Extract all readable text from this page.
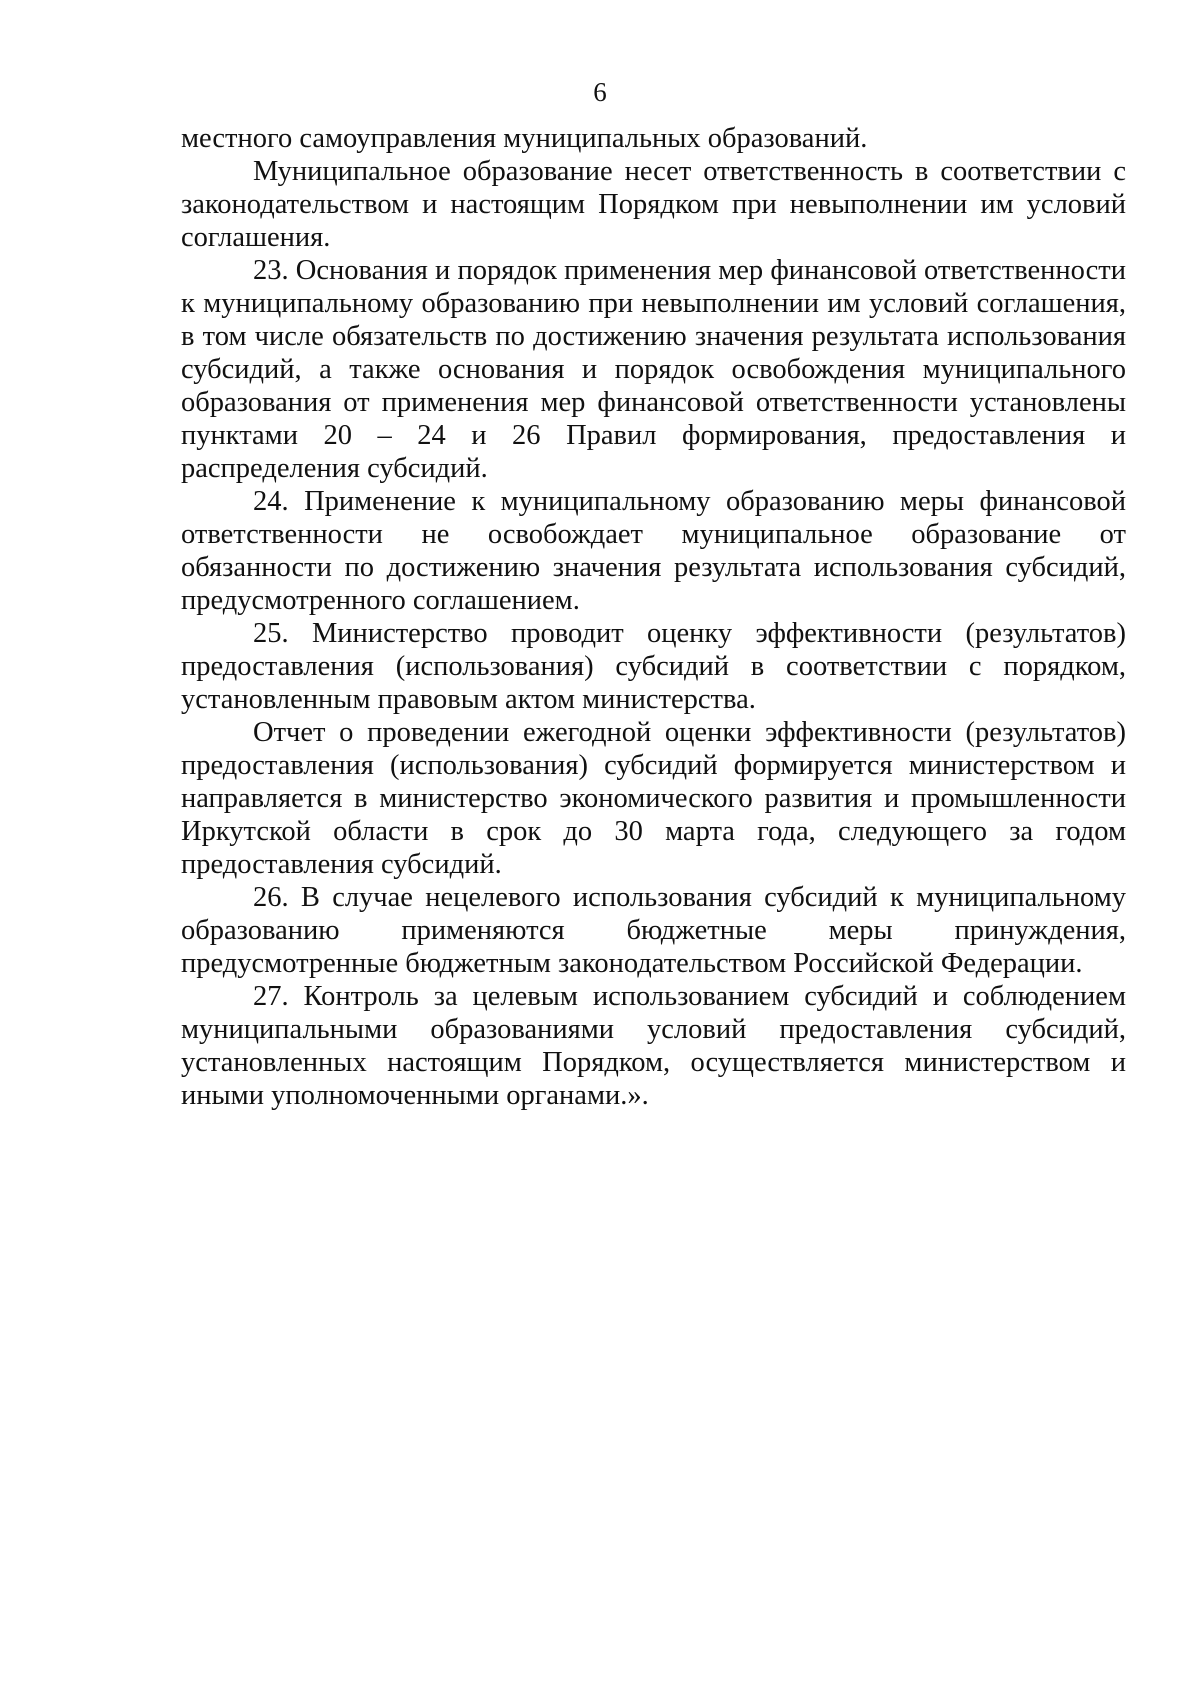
6

местного самоуправления муниципальных образований.

Муниципальное образование несет ответственность в соответствии с законодательством и настоящим Порядком при невыполнении им условий соглашения.

23. Основания и порядок применения мер финансовой ответственности к муниципальному образованию при невыполнении им условий соглашения, в том числе обязательств по достижению значения результата использования субсидий, а также основания и порядок освобождения муниципального образования от применения мер финансовой ответственности установлены пунктами 20 – 24 и 26 Правил формирования, предоставления и распределения субсидий.

24. Применение к муниципальному образованию меры финансовой ответственности не освобождает муниципальное образование от обязанности по достижению значения результата использования субсидий, предусмотренного соглашением.

25. Министерство проводит оценку эффективности (результатов) предоставления (использования) субсидий в соответствии с порядком, установленным правовым актом министерства.

Отчет о проведении ежегодной оценки эффективности (результатов) предоставления (использования) субсидий формируется министерством и направляется в министерство экономического развития и промышленности Иркутской области в срок до 30 марта года, следующего за годом предоставления субсидий.

26. В случае нецелевого использования субсидий к муниципальному образованию применяются бюджетные меры принуждения, предусмотренные бюджетным законодательством Российской Федерации.

27. Контроль за целевым использованием субсидий и соблюдением муниципальными образованиями условий предоставления субсидий, установленных настоящим Порядком, осуществляется министерством и иными уполномоченными органами.».
